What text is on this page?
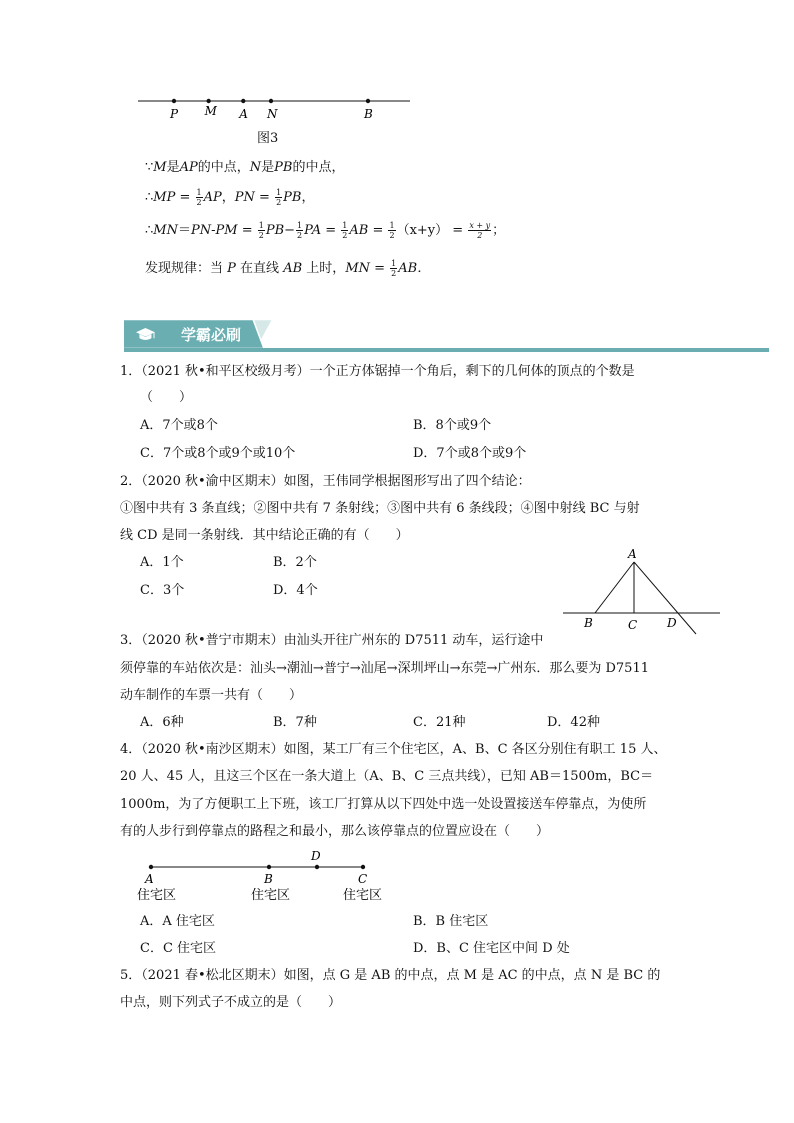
P M A N	B
图3
∵M是AP的中点，N是PB的中点，
∴MP = $\frac{1}{2}$ AP，PN = $\frac{1}{2}$ PB，
∴MN＝PN-PM = $\frac{1}{2} PB- \frac{1}{2}$ PA = $\frac{1}{2}$ AB = $\frac{1}{2} (x+y) = \frac{x + y}{2}$ ；
发现规律：当 P 在直线 AB 上时，MN = $\frac{1}{2}$ AB．
学霸必刷
1．（2021 秋•和平区校级月考）一个正方体锯掉一个角后，剩下的几何体的顶点的个数是
（　　）
A．7个或8个	B．8个或9个
C．7个或8个或9个或10个	D．7个或8个或9个
2．（2020 秋•渝中区期末）如图，王伟同学根据图形写出了四个结论：
①图中共有 3 条直线；②图中共有 7 条射线；③图中共有 6 条线段；④图中射线 BC 与射
线 CD 是同一条射线．其中结论正确的有（　　）
A．1个	B．2个
C．3个	D．4个
A
B	C D
3．（2020 秋•普宁市期末）由汕头开往广州东的 D7511 动车，运行途中
须停靠的车站依次是：汕头→潮汕→普宁→汕尾→深圳坪山→东莞→广州东．那么要为 D7511
动车制作的车票一共有（　　）
A．6种	B．7种	C．21种	D．42种
4．（2020 秋•南沙区期末）如图，某工厂有三个住宅区，A、B、C 各区分别住有职工 15 人、
20 人、45 人，且这三个区在一条大道上（A、B、C 三点共线），已知 AB＝1500m，BC＝
1000m，为了方便职工上下班，该工厂打算从以下四处中选一处设置接送车停靠点，为使所
有的人步行到停靠点的路程之和最小，那么该停靠点的位置应设在（　　）
A	B
D
C
住宅区	住宅区	住宅区
A．A 住宅区	B．B 住宅区
C．C 住宅区	D．B、C 住宅区中间 D 处
5．（2021 春•松北区期末）如图，点 G 是 AB 的中点，点 M 是 AC 的中点，点 N 是 BC 的
中点，则下列式子不成立的是（　　）
